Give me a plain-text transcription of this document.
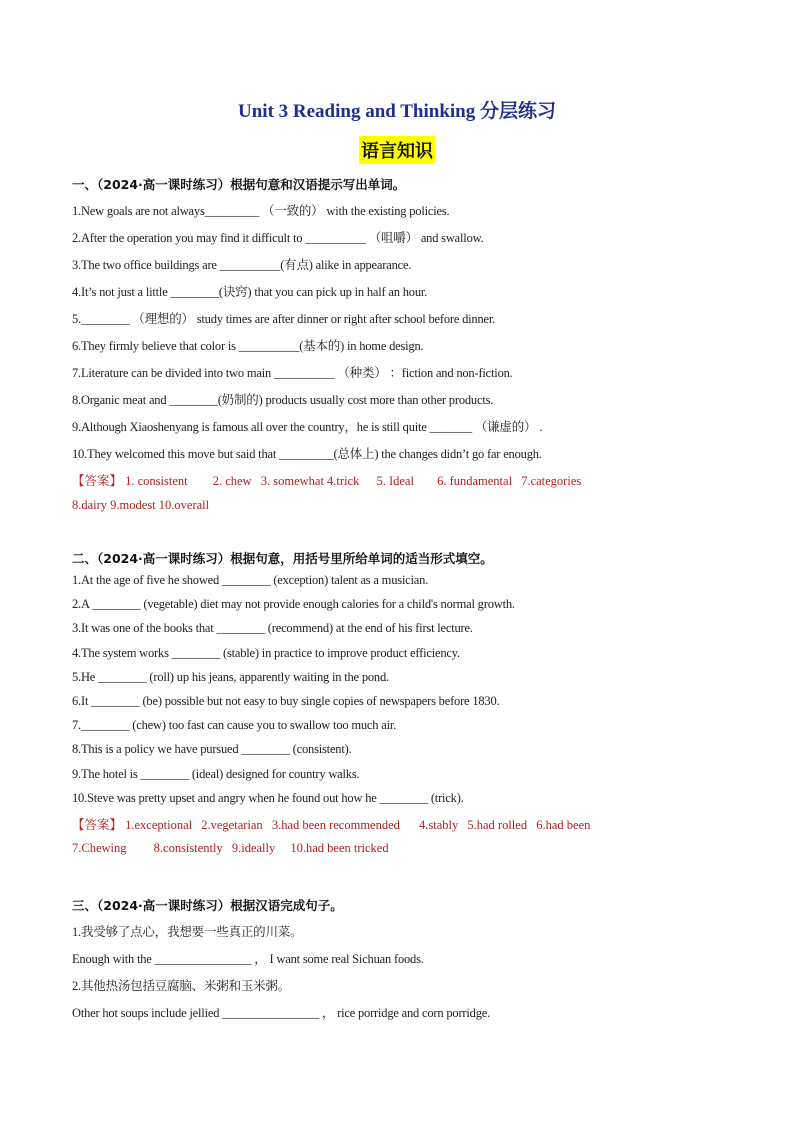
Unit 3 Reading and Thinking 分层练习
语言知识
一、（2024·高一课时练习）根据句意和汉语提示写出单词。
1.New goals are not always_________ （一致的） with the existing policies.
2.After the operation you may find it difficult to __________ （咀嚼） and swallow.
3.The two office buildings are __________(有点) alike in appearance.
4.It’s not just a little ________(诀窍) that you can pick up in half an hour.
5.________ （理想的） study times are after dinner or right after school before dinner.
6.They firmly believe that color is __________(基本的) in home design.
7.Literature can be divided into two main __________ （种类） ：fiction and non-fiction.
8.Organic meat and ________(奶制的) products usually cost more than other products.
9.Although Xiaoshenyang is famous all over the country，he is still quite _______ （谦虚的） .
10.They welcomed this move but said that _________(总体上) the changes didn’t go far enough.
【答案】 1. consistent 2. chew 3. somewhat 4.trick 5. Ideal 6. fundamental 7.categories
8.dairy 9.modest 10.overall
二、（2024·高一课时练习）根据句意，用括号里所给单词的适当形式填空。
1.At the age of five he showed ________ (exception) talent as a musician.
2.A ________ (vegetable) diet may not provide enough calories for a child's normal growth.
3.It was one of the books that ________ (recommend) at the end of his first lecture.
4.The system works ________ (stable) in practice to improve product efficiency.
5.He ________ (roll) up his jeans, apparently waiting in the pond.
6.It ________ (be) possible but not easy to buy single copies of newspapers before 1830.
7.________ (chew) too fast can cause you to swallow too much air.
8.This is a policy we have pursued ________ (consistent).
9.The hotel is ________ (ideal) designed for country walks.
10.Steve was pretty upset and angry when he found out how he ________ (trick).
【答案】 1.exceptional 2.vegetarian 3.had been recommended 4.stably 5.had rolled 6.had been
7.Chewing 8.consistently 9.ideally 10.had been tricked
三、（2024·高一课时练习）根据汉语完成句子。
1.我受够了点心，我想要一些真正的川菜。
Enough with the ________________ ， I want some real Sichuan foods.
2.其他热汤包括豆腐脑、米粥和玉米粥。
Other hot soups include jellied ________________ ， rice porridge and corn porridge.
